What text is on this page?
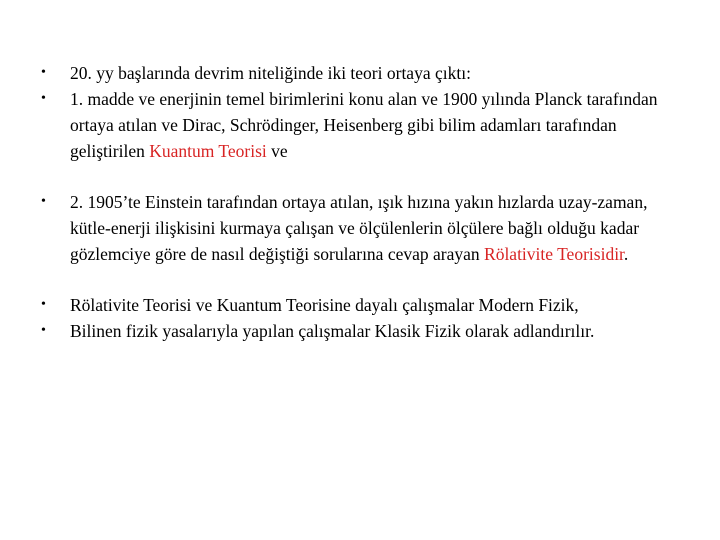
• 20. yy başlarında devrim niteliğinde iki teori ortaya çıktı:
• 1. madde ve enerjinin temel birimlerini konu alan ve 1900 yılında Planck tarafından ortaya atılan ve Dirac, Schrödinger, Heisenberg gibi bilim adamları tarafından geliştirilen Kuantum Teorisi ve
• 2. 1905’te Einstein tarafından ortaya atılan, ışık hızına yakın hızlarda uzay-zaman, kütle-enerji ilişkisini kurmaya çalışan ve ölçülenlerin ölçülere bağlı olduğu kadar gözlemciye göre de nasıl değiştiği sorularına cevap arayan Rölativite Teorisidir.
• Rölativite Teorisi ve Kuantum Teorisine dayalı çalışmalar Modern Fizik,
• Bilinen fizik yasalarıyla yapılan çalışmalar Klasik Fizik olarak adlandırılır.
